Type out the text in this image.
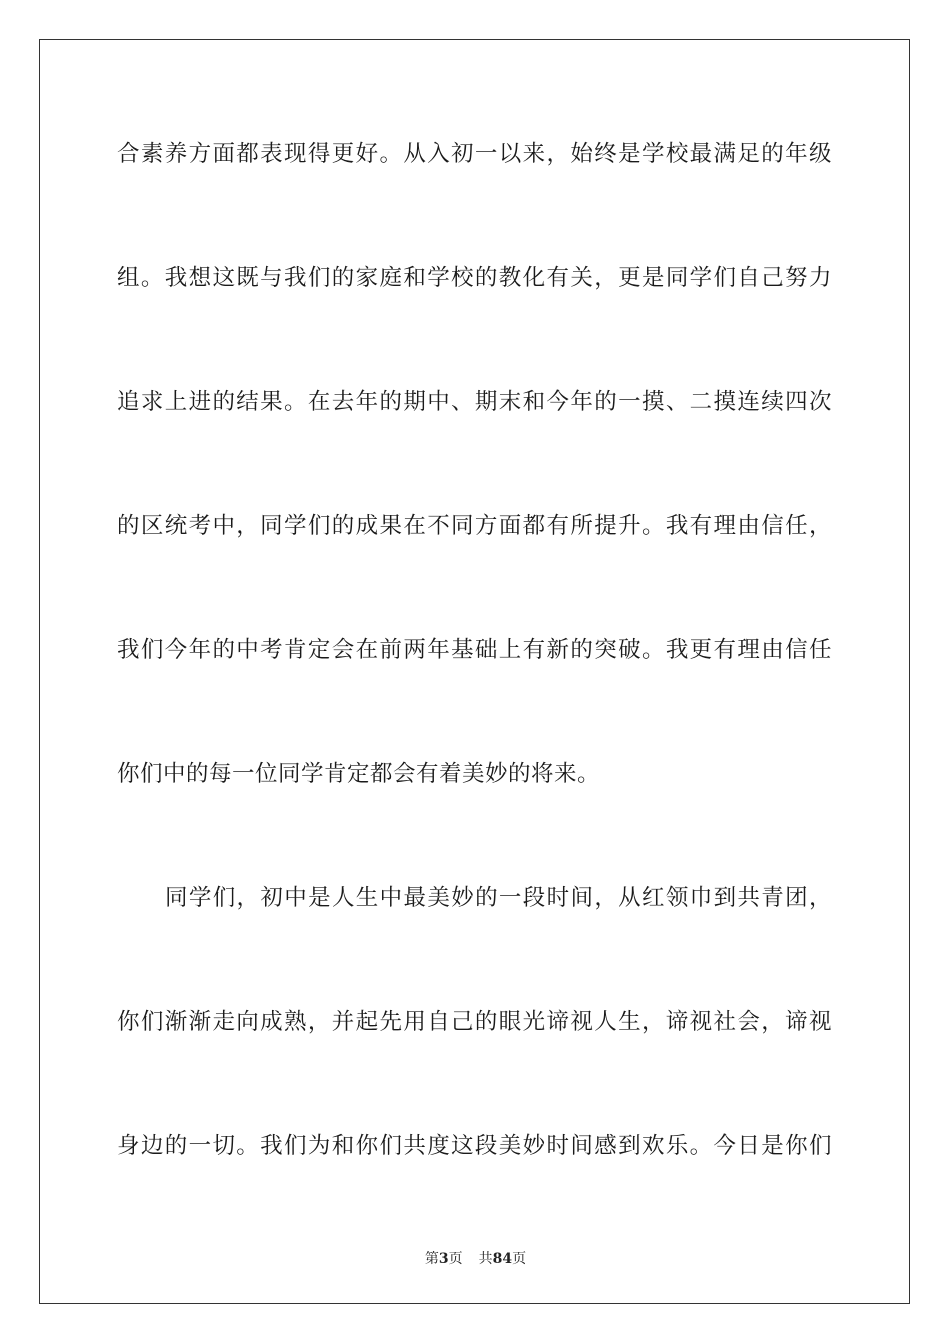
合素养方面都表现得更好。从入初一以来，始终是学校最满足的年级
组。我想这既与我们的家庭和学校的教化有关，更是同学们自己努力
追求上进的结果。在去年的期中、期末和今年的一摸、二摸连续四次
的区统考中，同学们的成果在不同方面都有所提升。我有理由信任，
我们今年的中考肯定会在前两年基础上有新的突破。我更有理由信任
你们中的每一位同学肯定都会有着美妙的将来。
同学们，初中是人生中最美妙的一段时间，从红领巾到共青团，
你们渐渐走向成熟，并起先用自己的眼光谛视人生，谛视社会，谛视
身边的一切。我们为和你们共度这段美妙时间感到欢乐。今日是你们
第3页 共84页
